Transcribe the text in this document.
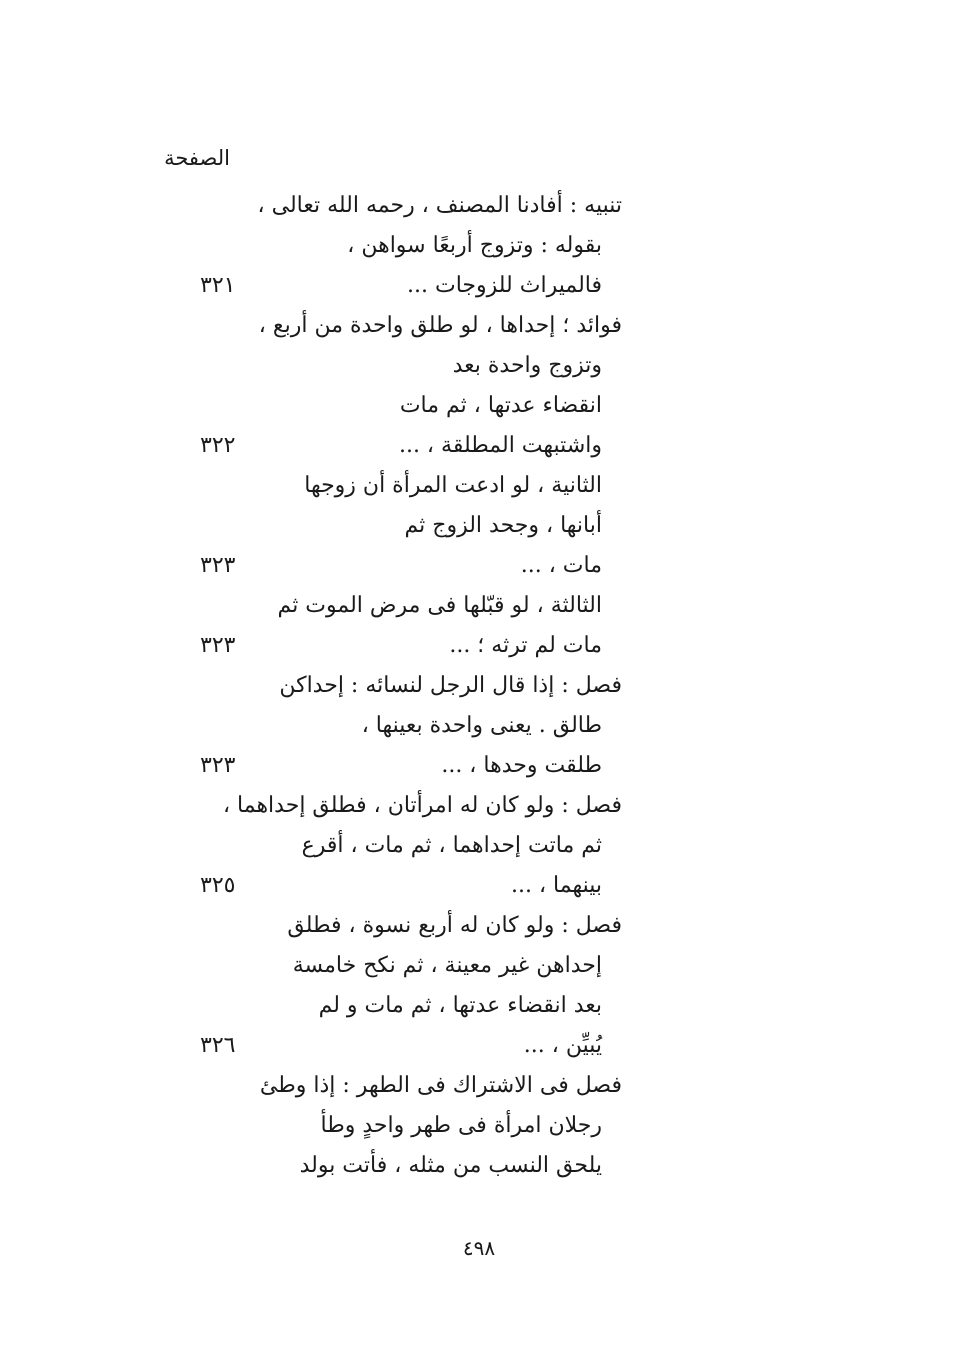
الصفحة
تنبيه : أفادنا المصنف ، رحمه الله تعالى ،
بقوله : وتزوج أربعًا سواهن ،
فالميراث للزوجات ...
٣٢١
فوائد ؛ إحداها ، لو طلق واحدة من أربع ،
وتزوج واحدة بعد
انقضاء عدتها ، ثم مات
واشتبهت المطلقة ، ...
٣٢٢
الثانية ، لو ادعت المرأة أن زوجها
أبانها ، وجحد الزوج ثم
مات ، ...
٣٢٣
الثالثة ، لو قبّلها فى مرض الموت ثم
مات لم ترثه ؛ ...
٣٢٣
فصل : إذا قال الرجل لنسائه : إحداكن
طالق . يعنى واحدة بعينها ،
طلقت وحدها ، ...
٣٢٣
فصل : ولو كان له امرأتان ، فطلق إحداهما ،
ثم ماتت إحداهما ، ثم مات ، أقرع
بينهما ، ...
٣٢٥
فصل : ولو كان له أربع نسوة ، فطلق
إحداهن غير معينة ، ثم نكح خامسة
بعد انقضاء عدتها ، ثم مات و لم
يُبيِّن ، ...
٣٢٦
فصل فى الاشتراك فى الطهر : إذا وطئ
رجلان امرأة فى طهر واحدٍ وطأ
يلحق النسب من مثله ، فأتت بولد
٤٩٨
